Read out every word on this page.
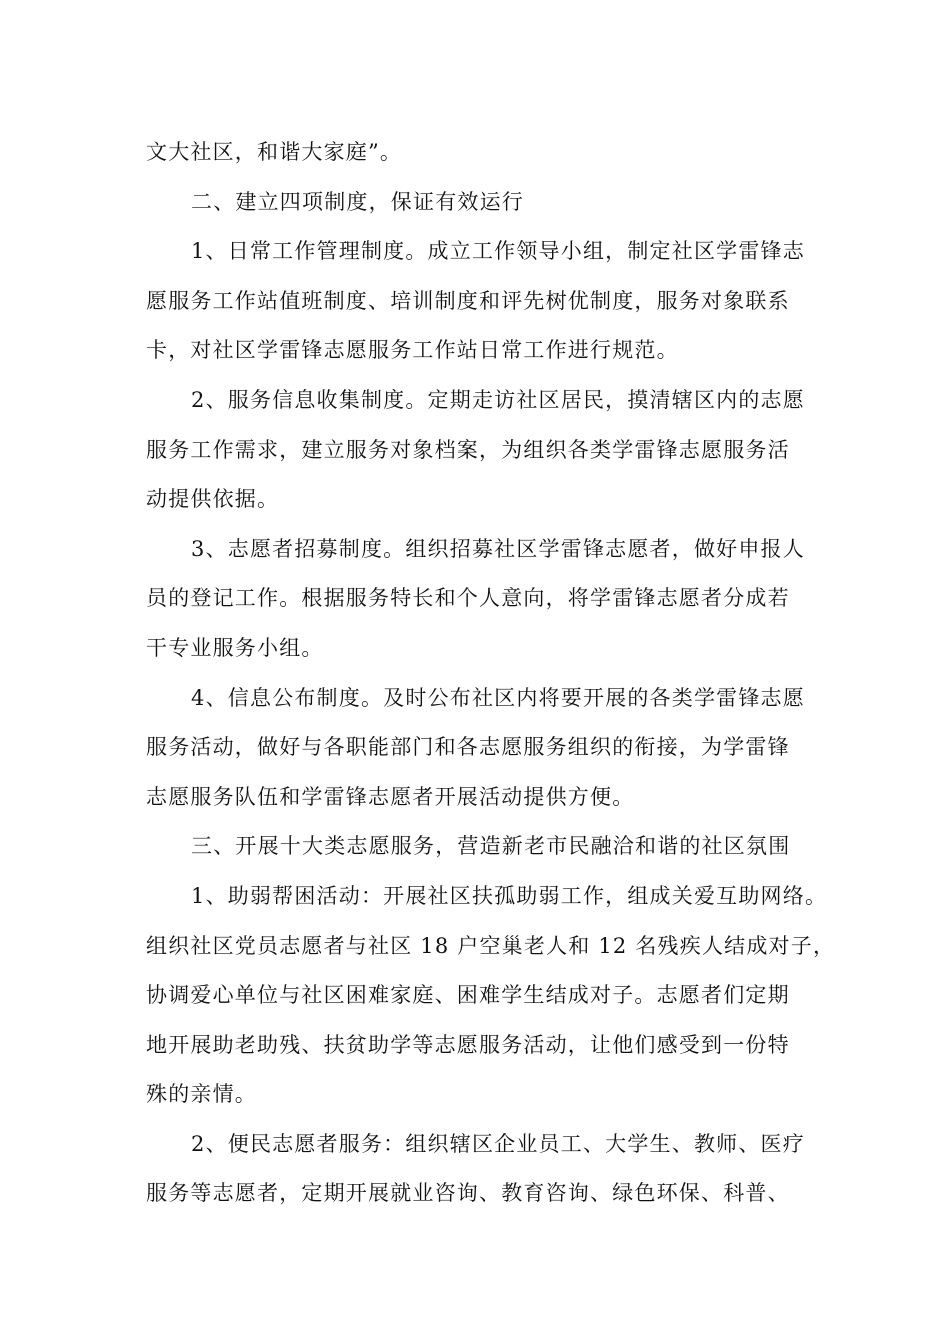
文大社区，和谐大家庭”。
二、建立四项制度，保证有效运行
1、日常工作管理制度。成立工作领导小组，制定社区学雷锋志
愿服务工作站值班制度、培训制度和评先树优制度，服务对象联系
卡，对社区学雷锋志愿服务工作站日常工作进行规范。
2、服务信息收集制度。定期走访社区居民，摸清辖区内的志愿
服务工作需求，建立服务对象档案，为组织各类学雷锋志愿服务活
动提供依据。
3、志愿者招募制度。组织招募社区学雷锋志愿者，做好申报人
员的登记工作。根据服务特长和个人意向，将学雷锋志愿者分成若
干专业服务小组。
4、信息公布制度。及时公布社区内将要开展的各类学雷锋志愿
服务活动，做好与各职能部门和各志愿服务组织的衔接，为学雷锋
志愿服务队伍和学雷锋志愿者开展活动提供方便。
三、开展十大类志愿服务，营造新老市民融洽和谐的社区氛围
1、助弱帮困活动：开展社区扶孤助弱工作，组成关爱互助网络。
组织社区党员志愿者与社区 18 户空巢老人和 12 名残疾人结成对子，
协调爱心单位与社区困难家庭、困难学生结成对子。志愿者们定期
地开展助老助残、扶贫助学等志愿服务活动，让他们感受到一份特
殊的亲情。
2、便民志愿者服务：组织辖区企业员工、大学生、教师、医疗
服务等志愿者，定期开展就业咨询、教育咨询、绿色环保、科普、
